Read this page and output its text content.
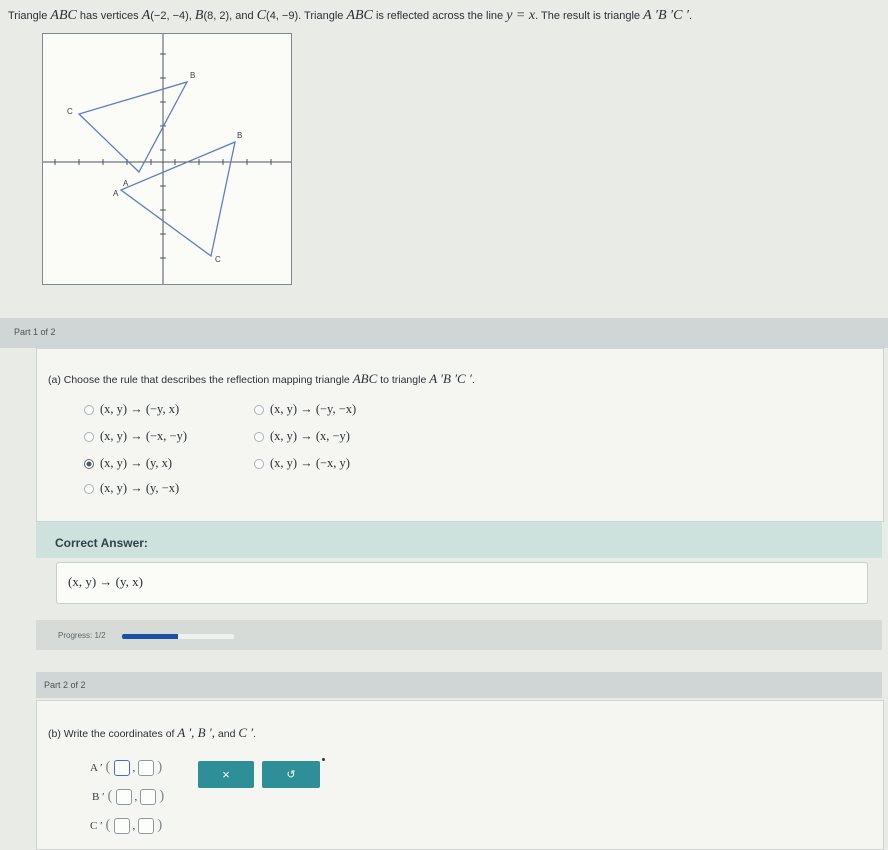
Triangle ABC has vertices A(−2, −4), B(8, 2), and C(4, −9). Triangle ABC is reflected across the line y = x. The result is triangle A ′B ′C ′.
A
B
C
A
B
C
Part 1 of 2
(a) Choose the rule that describes the reflection mapping triangle ABC to triangle A ′B ′C ′.
(x, y) → (−y, x)	(x, y) → (−y, −x)
(x, y) → (−x, −y)	(x, y) → (x, −y)
(x, y) → (y, x)	(x, y) → (−x, y)
(x, y) → (y, −x)
Correct Answer:
(x, y) → (y, x)
Progress: 1/2
Part 2 of 2
(b) Write the coordinates of A ′, B ′, and C ′.
A ′ ( , )
B ′ ( , )
C ′ ( , )
×	↺
